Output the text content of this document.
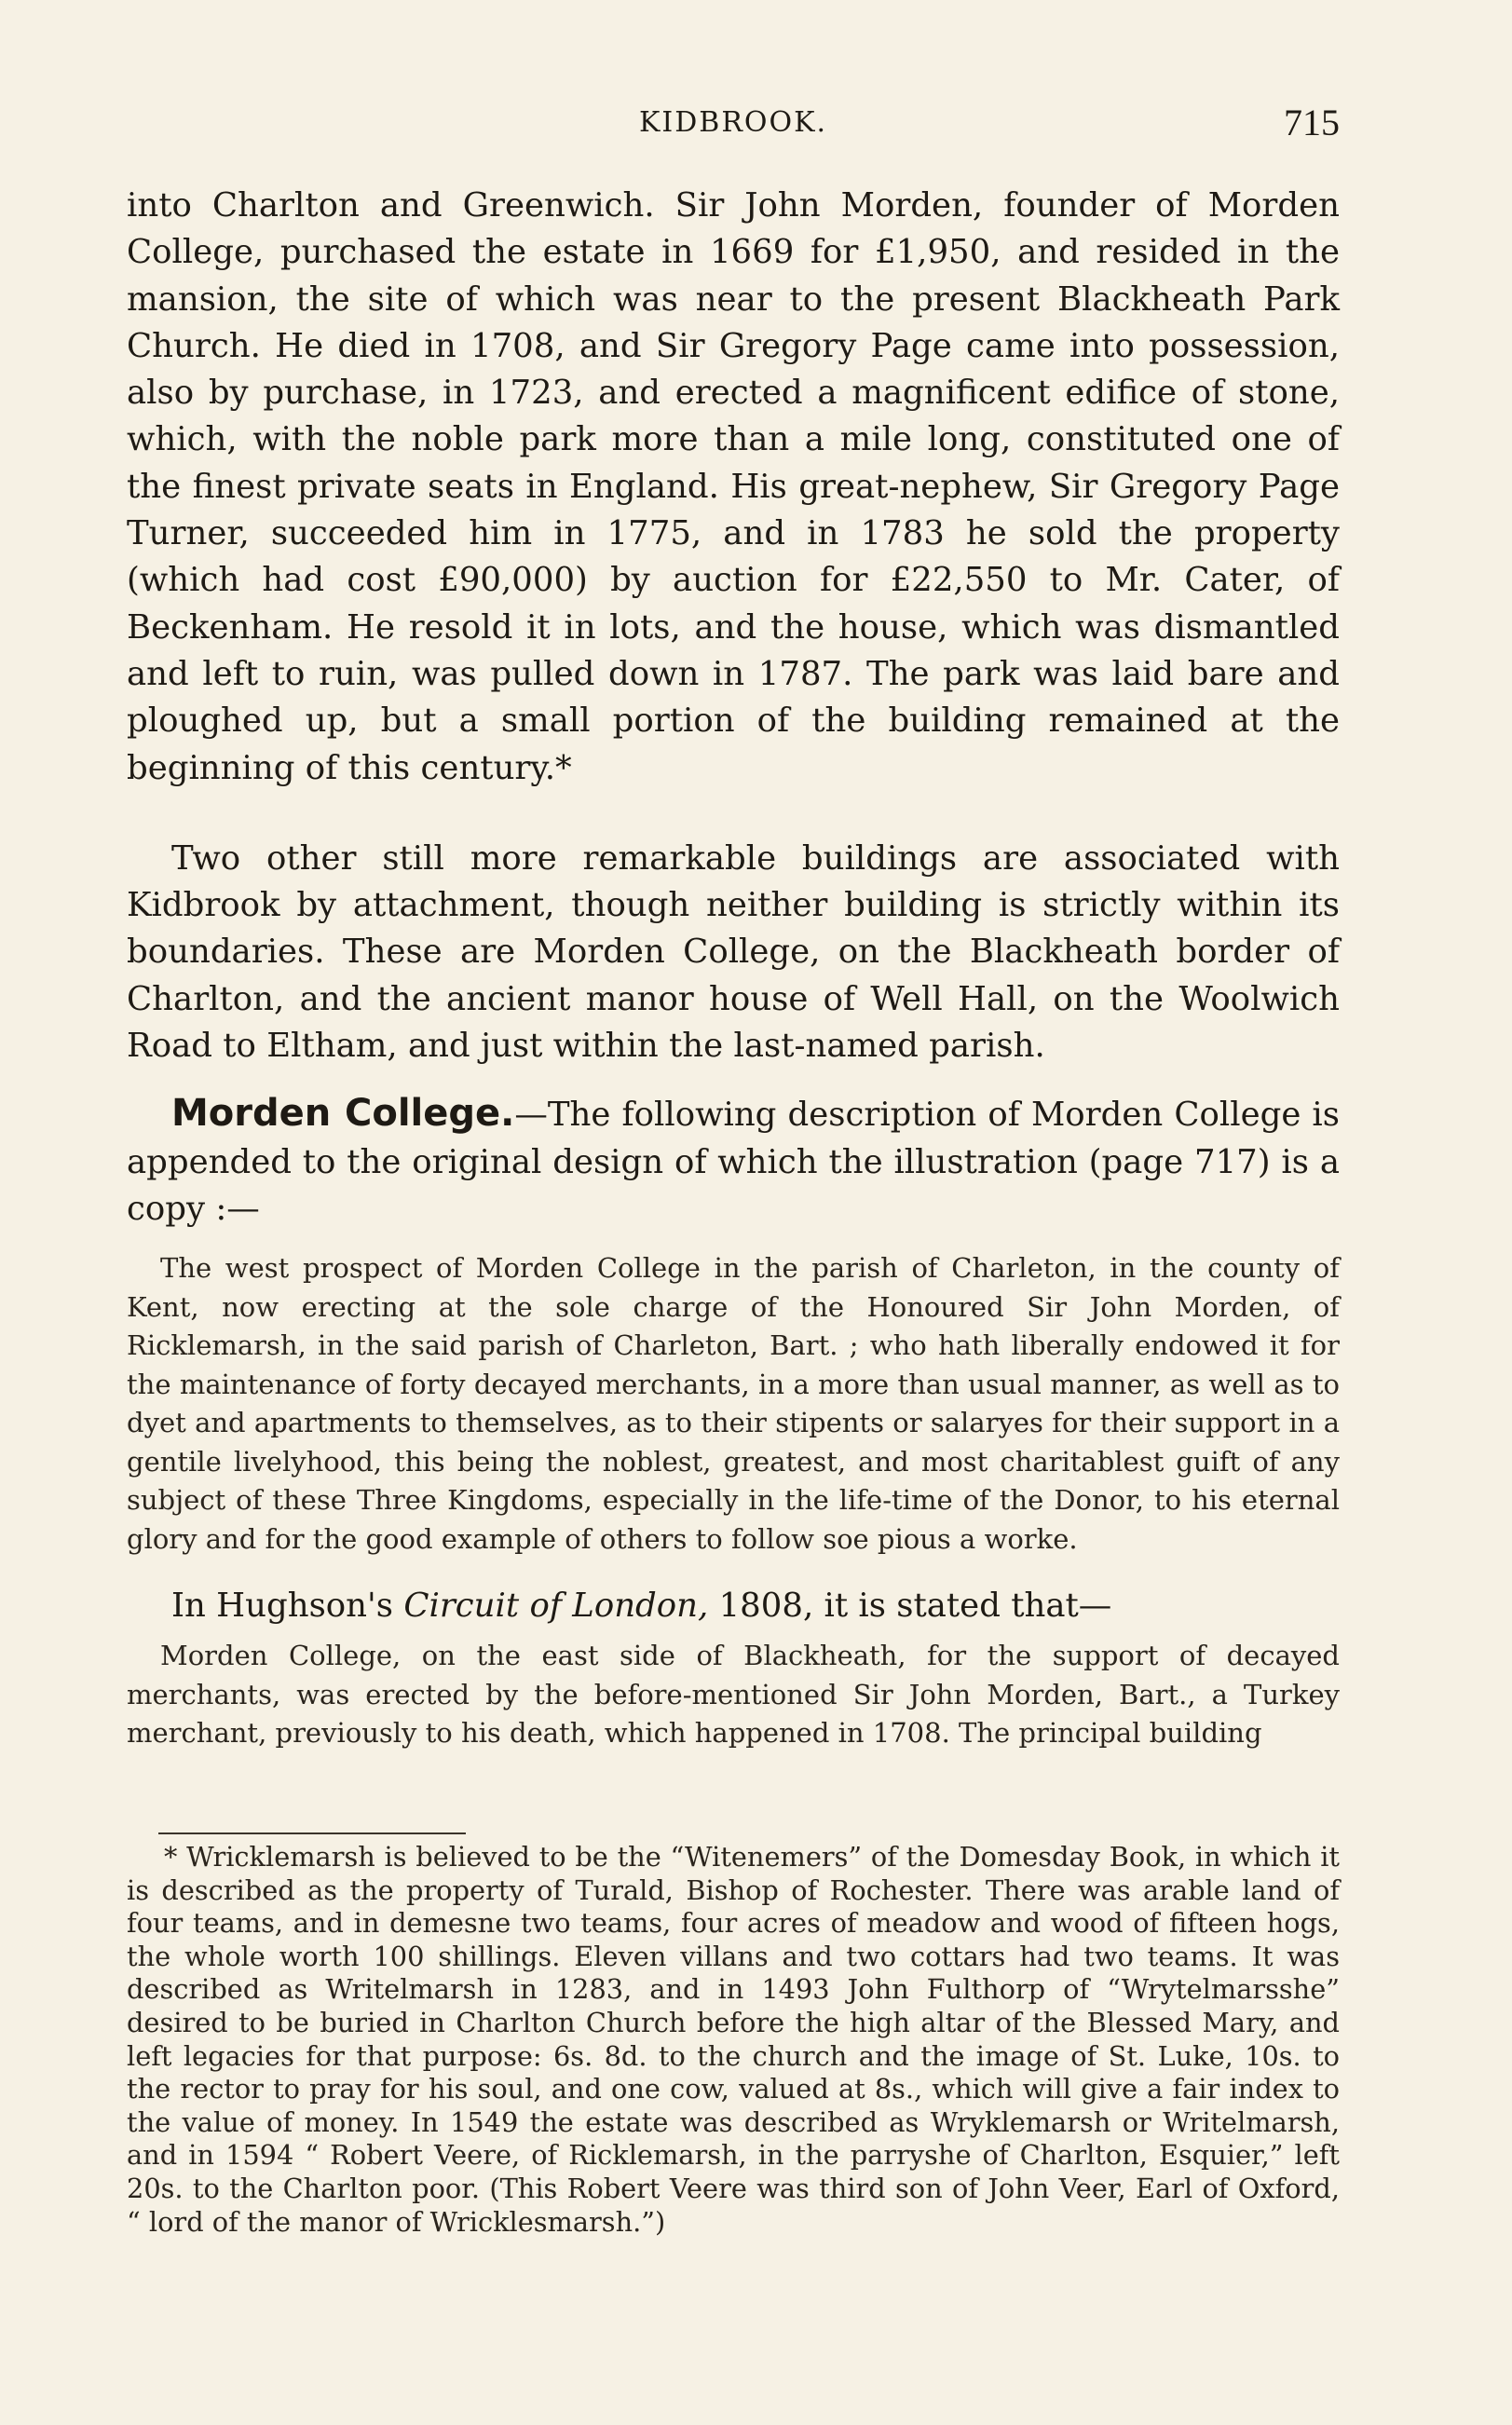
KIDBROOK.	715

into Charlton and Greenwich. Sir John Morden, founder of Morden College, purchased the estate in 1669 for £1,950, and resided in the mansion, the site of which was near to the present Blackheath Park Church. He died in 1708, and Sir Gregory Page came into possession, also by purchase, in 1723, and erected a magnificent edifice of stone, which, with the noble park more than a mile long, constituted one of the finest private seats in England. His great-nephew, Sir Gregory Page Turner, succeeded him in 1775, and in 1783 he sold the property (which had cost £90,000) by auction for £22,550 to Mr. Cater, of Beckenham. He resold it in lots, and the house, which was dismantled and left to ruin, was pulled down in 1787. The park was laid bare and ploughed up, but a small portion of the building remained at the beginning of this century.*

Two other still more remarkable buildings are associated with Kidbrook by attachment, though neither building is strictly within its boundaries. These are Morden College, on the Blackheath border of Charlton, and the ancient manor house of Well Hall, on the Woolwich Road to Eltham, and just within the last-named parish.

Morden College.—The following description of Morden College is appended to the original design of which the illustration (page 717) is a copy :—

The west prospect of Morden College in the parish of Charleton, in the county of Kent, now erecting at the sole charge of the Honoured Sir John Morden, of Ricklemarsh, in the said parish of Charleton, Bart. ; who hath liberally endowed it for the maintenance of forty decayed merchants, in a more than usual manner, as well as to dyet and apartments to themselves, as to their stipents or salaryes for their support in a gentile livelyhood, this being the noblest, greatest, and most charitablest guift of any subject of these Three Kingdoms, especially in the life-time of the Donor, to his eternal glory and for the good example of others to follow soe pious a worke.

In Hughson's Circuit of London, 1808, it is stated that—

Morden College, on the east side of Blackheath, for the support of decayed merchants, was erected by the before-mentioned Sir John Morden, Bart., a Turkey merchant, previously to his death, which happened in 1708. The principal building

* Wricklemarsh is believed to be the “Witenemers” of the Domesday Book, in which it is described as the property of Turald, Bishop of Rochester. There was arable land of four teams, and in demesne two teams, four acres of meadow and wood of fifteen hogs, the whole worth 100 shillings. Eleven villans and two cottars had two teams. It was described as Writelmarsh in 1283, and in 1493 John Fulthorp of “Wrytelmarsshe” desired to be buried in Charlton Church before the high altar of the Blessed Mary, and left legacies for that purpose: 6s. 8d. to the church and the image of St. Luke, 10s. to the rector to pray for his soul, and one cow, valued at 8s., which will give a fair index to the value of money. In 1549 the estate was described as Wryklemarsh or Writelmarsh, and in 1594 “ Robert Veere, of Ricklemarsh, in the parryshe of Charlton, Esquier,” left 20s. to the Charlton poor. (This Robert Veere was third son of John Veer, Earl of Oxford, “ lord of the manor of Wricklesmarsh.”)
